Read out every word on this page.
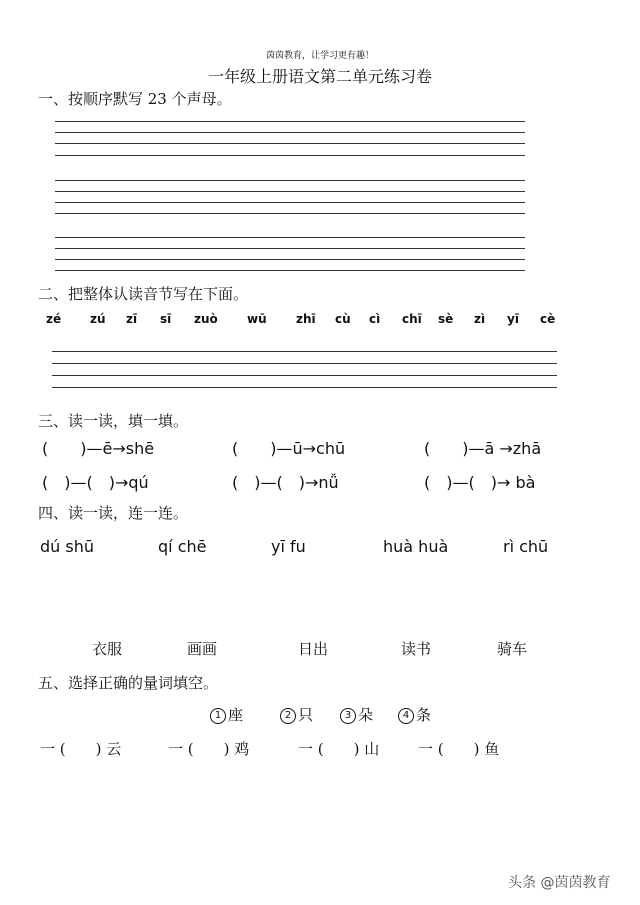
茵茵教育，让学习更有趣！
一年级上册语文第二单元练习卷
一、按顺序默写 23 个声母。
二、把整体认读音节写在下面。
zé zú zī sī zuò wū zhī cù cì chī sè zì yī cè
三、读一读，填一填。
(　　)—ē→shē	(　　)—ū→chū	(　　)—ā →zhā
(　)—(　)→qú	(　)—(　)→nǚ	(　)—(　)→ bà
四、读一读，连一连。
dú shū	qí chē	yī fu	huà huà	rì chū
衣服	画画	日出	读书	骑车
五、选择正确的量词填空。
1 座	2 只	3 朵	4 条
一 (　　) 云	一 (　　) 鸡	一 (　　) 山	一 (　　) 鱼
头条 @茵茵教育
